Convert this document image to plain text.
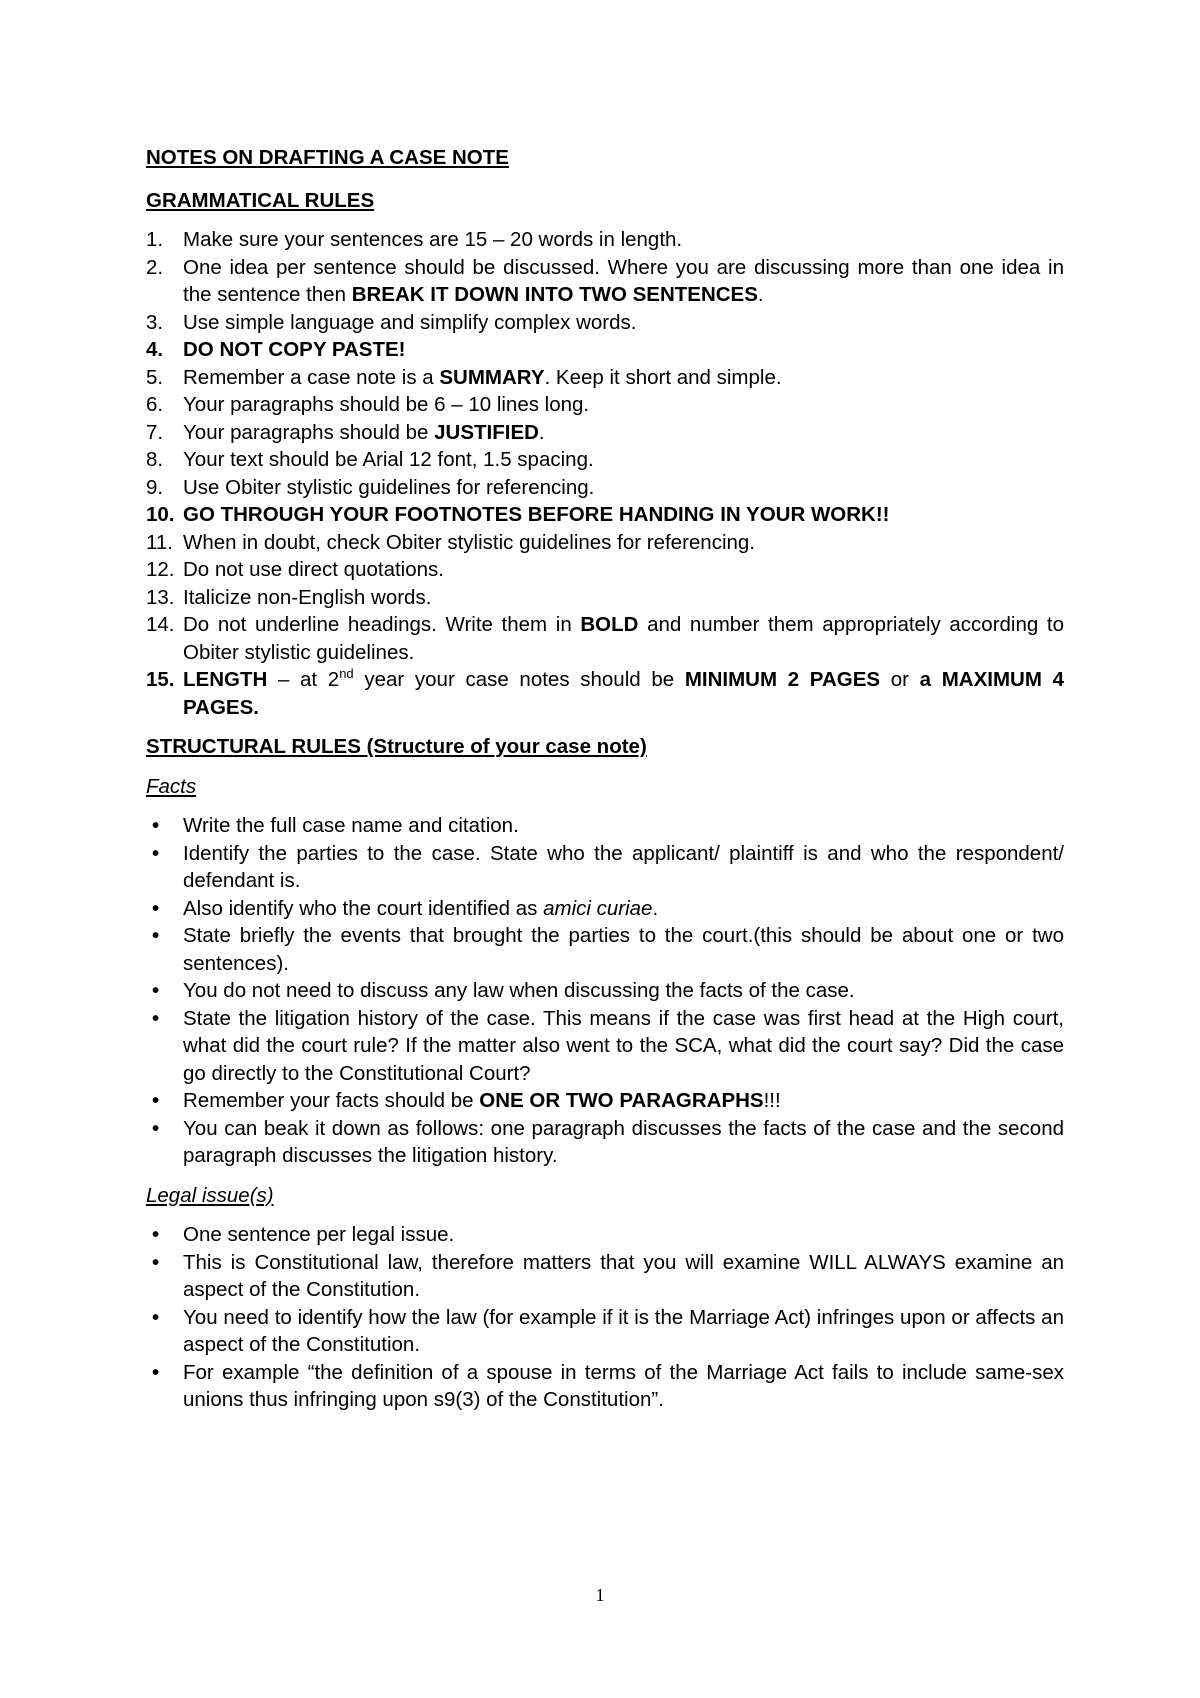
NOTES ON DRAFTING A CASE NOTE

GRAMMATICAL RULES

1. Make sure your sentences are 15 – 20 words in length.
2. One idea per sentence should be discussed. Where you are discussing more than one idea in the sentence then BREAK IT DOWN INTO TWO SENTENCES.
3. Use simple language and simplify complex words.
4. DO NOT COPY PASTE!
5. Remember a case note is a SUMMARY. Keep it short and simple.
6. Your paragraphs should be 6 – 10 lines long.
7. Your paragraphs should be JUSTIFIED.
8. Your text should be Arial 12 font, 1.5 spacing.
9. Use Obiter stylistic guidelines for referencing.
10. GO THROUGH YOUR FOOTNOTES BEFORE HANDING IN YOUR WORK!!
11. When in doubt, check Obiter stylistic guidelines for referencing.
12. Do not use direct quotations.
13. Italicize non-English words.
14. Do not underline headings. Write them in BOLD and number them appropriately according to Obiter stylistic guidelines.
15. LENGTH – at 2nd year your case notes should be MINIMUM 2 PAGES or a MAXIMUM 4 PAGES.

STRUCTURAL RULES (Structure of your case note)

Facts

• Write the full case name and citation.
• Identify the parties to the case. State who the applicant/ plaintiff is and who the respondent/ defendant is.
• Also identify who the court identified as amici curiae.
• State briefly the events that brought the parties to the court.(this should be about one or two sentences).
• You do not need to discuss any law when discussing the facts of the case.
• State the litigation history of the case. This means if the case was first head at the High court, what did the court rule? If the matter also went to the SCA, what did the court say? Did the case go directly to the Constitutional Court?
• Remember your facts should be ONE OR TWO PARAGRAPHS!!!
• You can beak it down as follows: one paragraph discusses the facts of the case and the second paragraph discusses the litigation history.

Legal issue(s)

• One sentence per legal issue.
• This is Constitutional law, therefore matters that you will examine WILL ALWAYS examine an aspect of the Constitution.
• You need to identify how the law (for example if it is the Marriage Act) infringes upon or affects an aspect of the Constitution.
• For example “the definition of a spouse in terms of the Marriage Act fails to include same-sex unions thus infringing upon s9(3) of the Constitution”.
1
